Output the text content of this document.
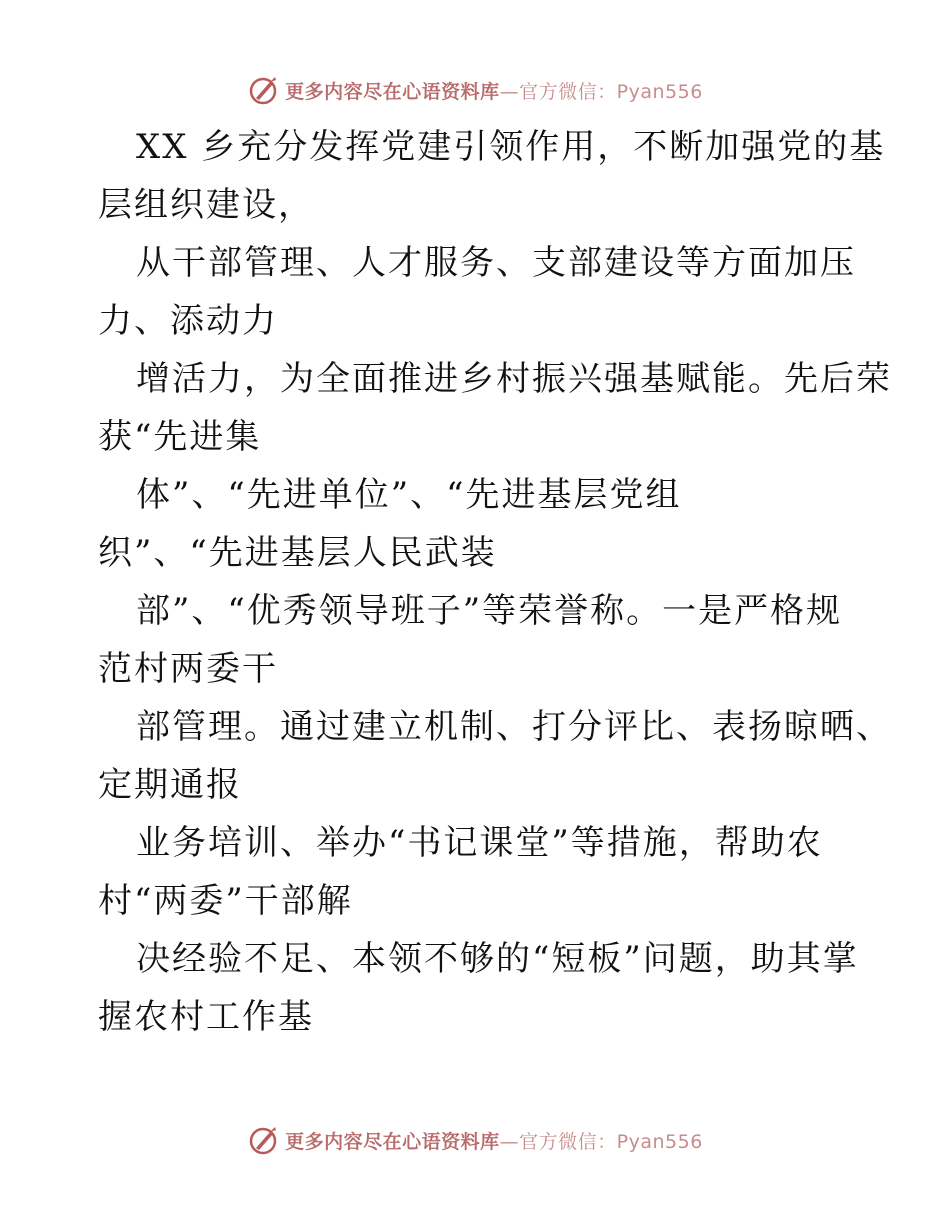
更多内容尽在心语资料库—官方微信：Pyan556
XX 乡充分发挥党建引领作用，不断加强党的基
层组织建设，
从干部管理、人才服务、支部建设等方面加压
力、添动力
增活力，为全面推进乡村振兴强基赋能。先后荣
获“先进集
体”、“先进单位”、“先进基层党组
织”、“先进基层人民武装
部”、“优秀领导班子”等荣誉称。一是严格规
范村两委干
部管理。通过建立机制、打分评比、表扬晾晒、
定期通报
业务培训、举办“书记课堂”等措施，帮助农
村“两委”干部解
决经验不足、本领不够的“短板”问题，助其掌
握农村工作基
更多内容尽在心语资料库—官方微信：Pyan556
